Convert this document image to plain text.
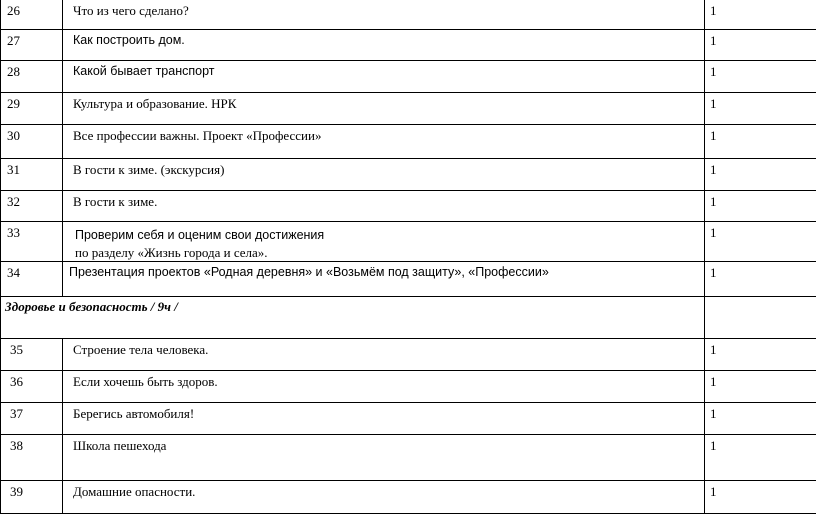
26	Что из чего сделано?	1

27	Как построить дом.	1

28	Какой бывает транспорт	1

29	Культура и образование. НРК	1

30	Все профессии важны. Проект «Профессии»	1

31	В гости к зиме. (экскурсия)	1

32	В гости к зиме.	1

33	Проверим себя и оценим свои достижения
по разделу «Жизнь города и села».	1

34	Презентация проектов «Родная деревня» и «Возьмём под защиту», «Профессии»	1

Здоровье и безопасность / 9ч /		

35	Строение тела человека.	1

36	Если хочешь быть здоров.	1

37	Берегись автомобиля!	1

38	Школа пешехода	1

39	Домашние опасности.	1
